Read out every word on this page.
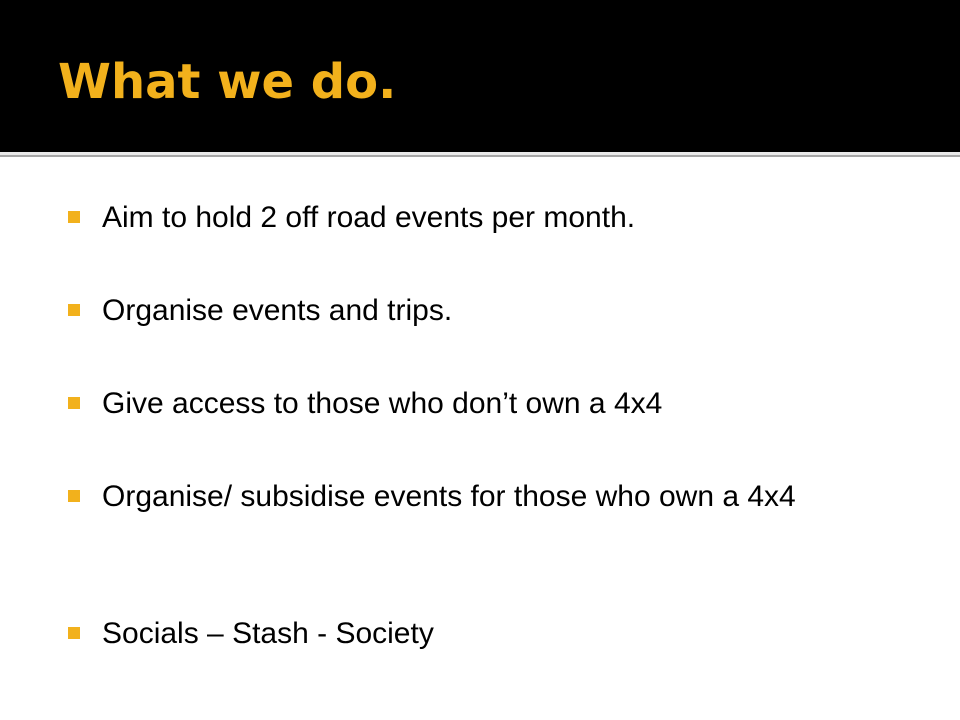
What we do.
Aim to hold 2 off road events per month.
Organise events and trips.
Give access to those who don’t own a 4x4
Organise/ subsidise events for those who own a 4x4
Socials – Stash - Society
